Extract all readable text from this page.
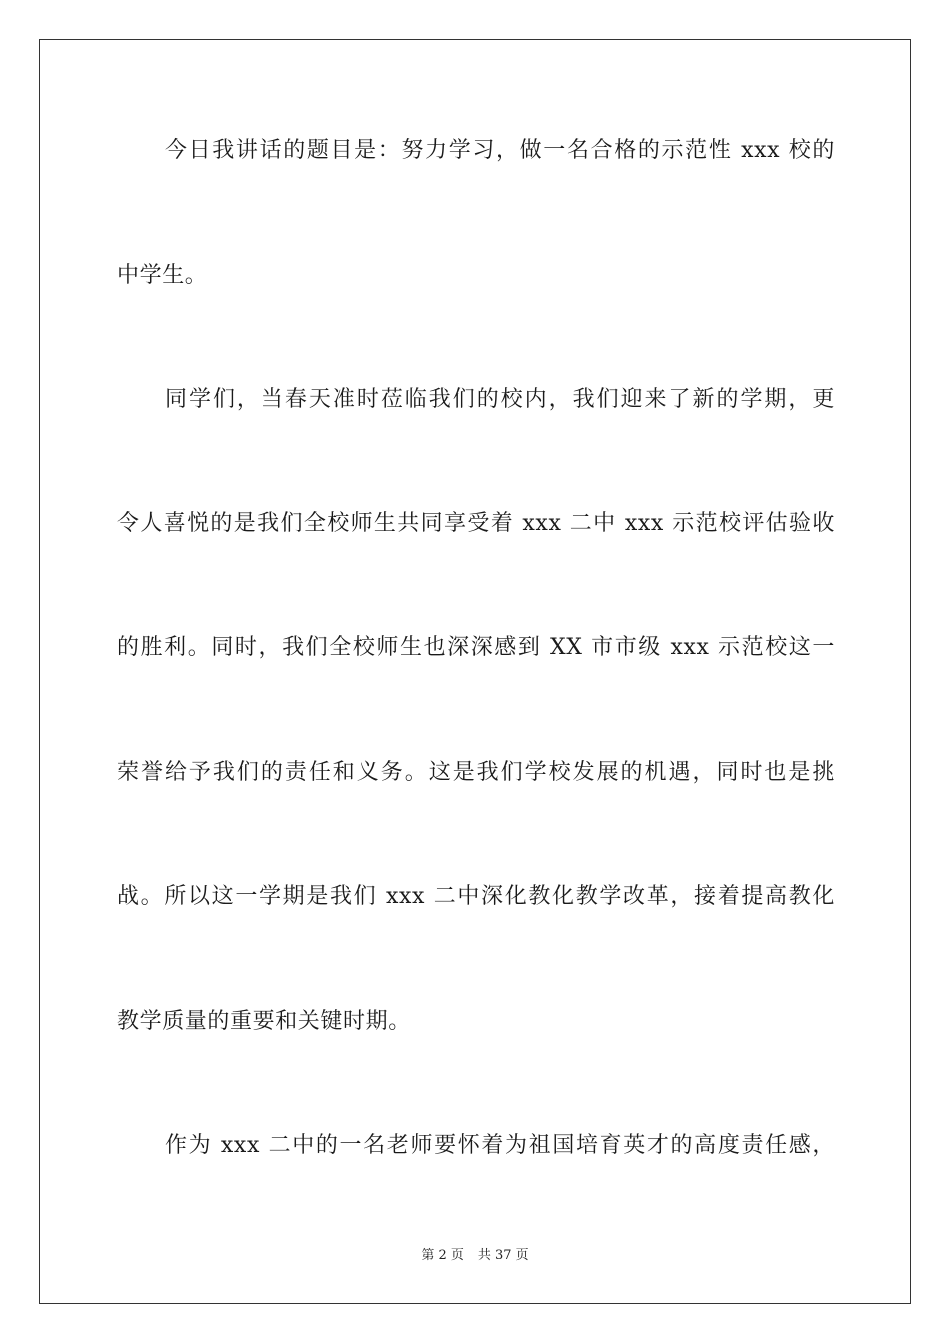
今日我讲话的题目是：努力学习，做一名合格的示范性 xxx 校的
中学生。
同学们，当春天准时莅临我们的校内，我们迎来了新的学期，更
令人喜悦的是我们全校师生共同享受着 xxx 二中 xxx 示范校评估验收
的胜利。同时，我们全校师生也深深感到 XX 市市级 xxx 示范校这一
荣誉给予我们的责任和义务。这是我们学校发展的机遇，同时也是挑
战。所以这一学期是我们 xxx 二中深化教化教学改革，接着提高教化
教学质量的重要和关键时期。
作为 xxx 二中的一名老师要怀着为祖国培育英才的高度责任感，
第 2 页 共 37 页
